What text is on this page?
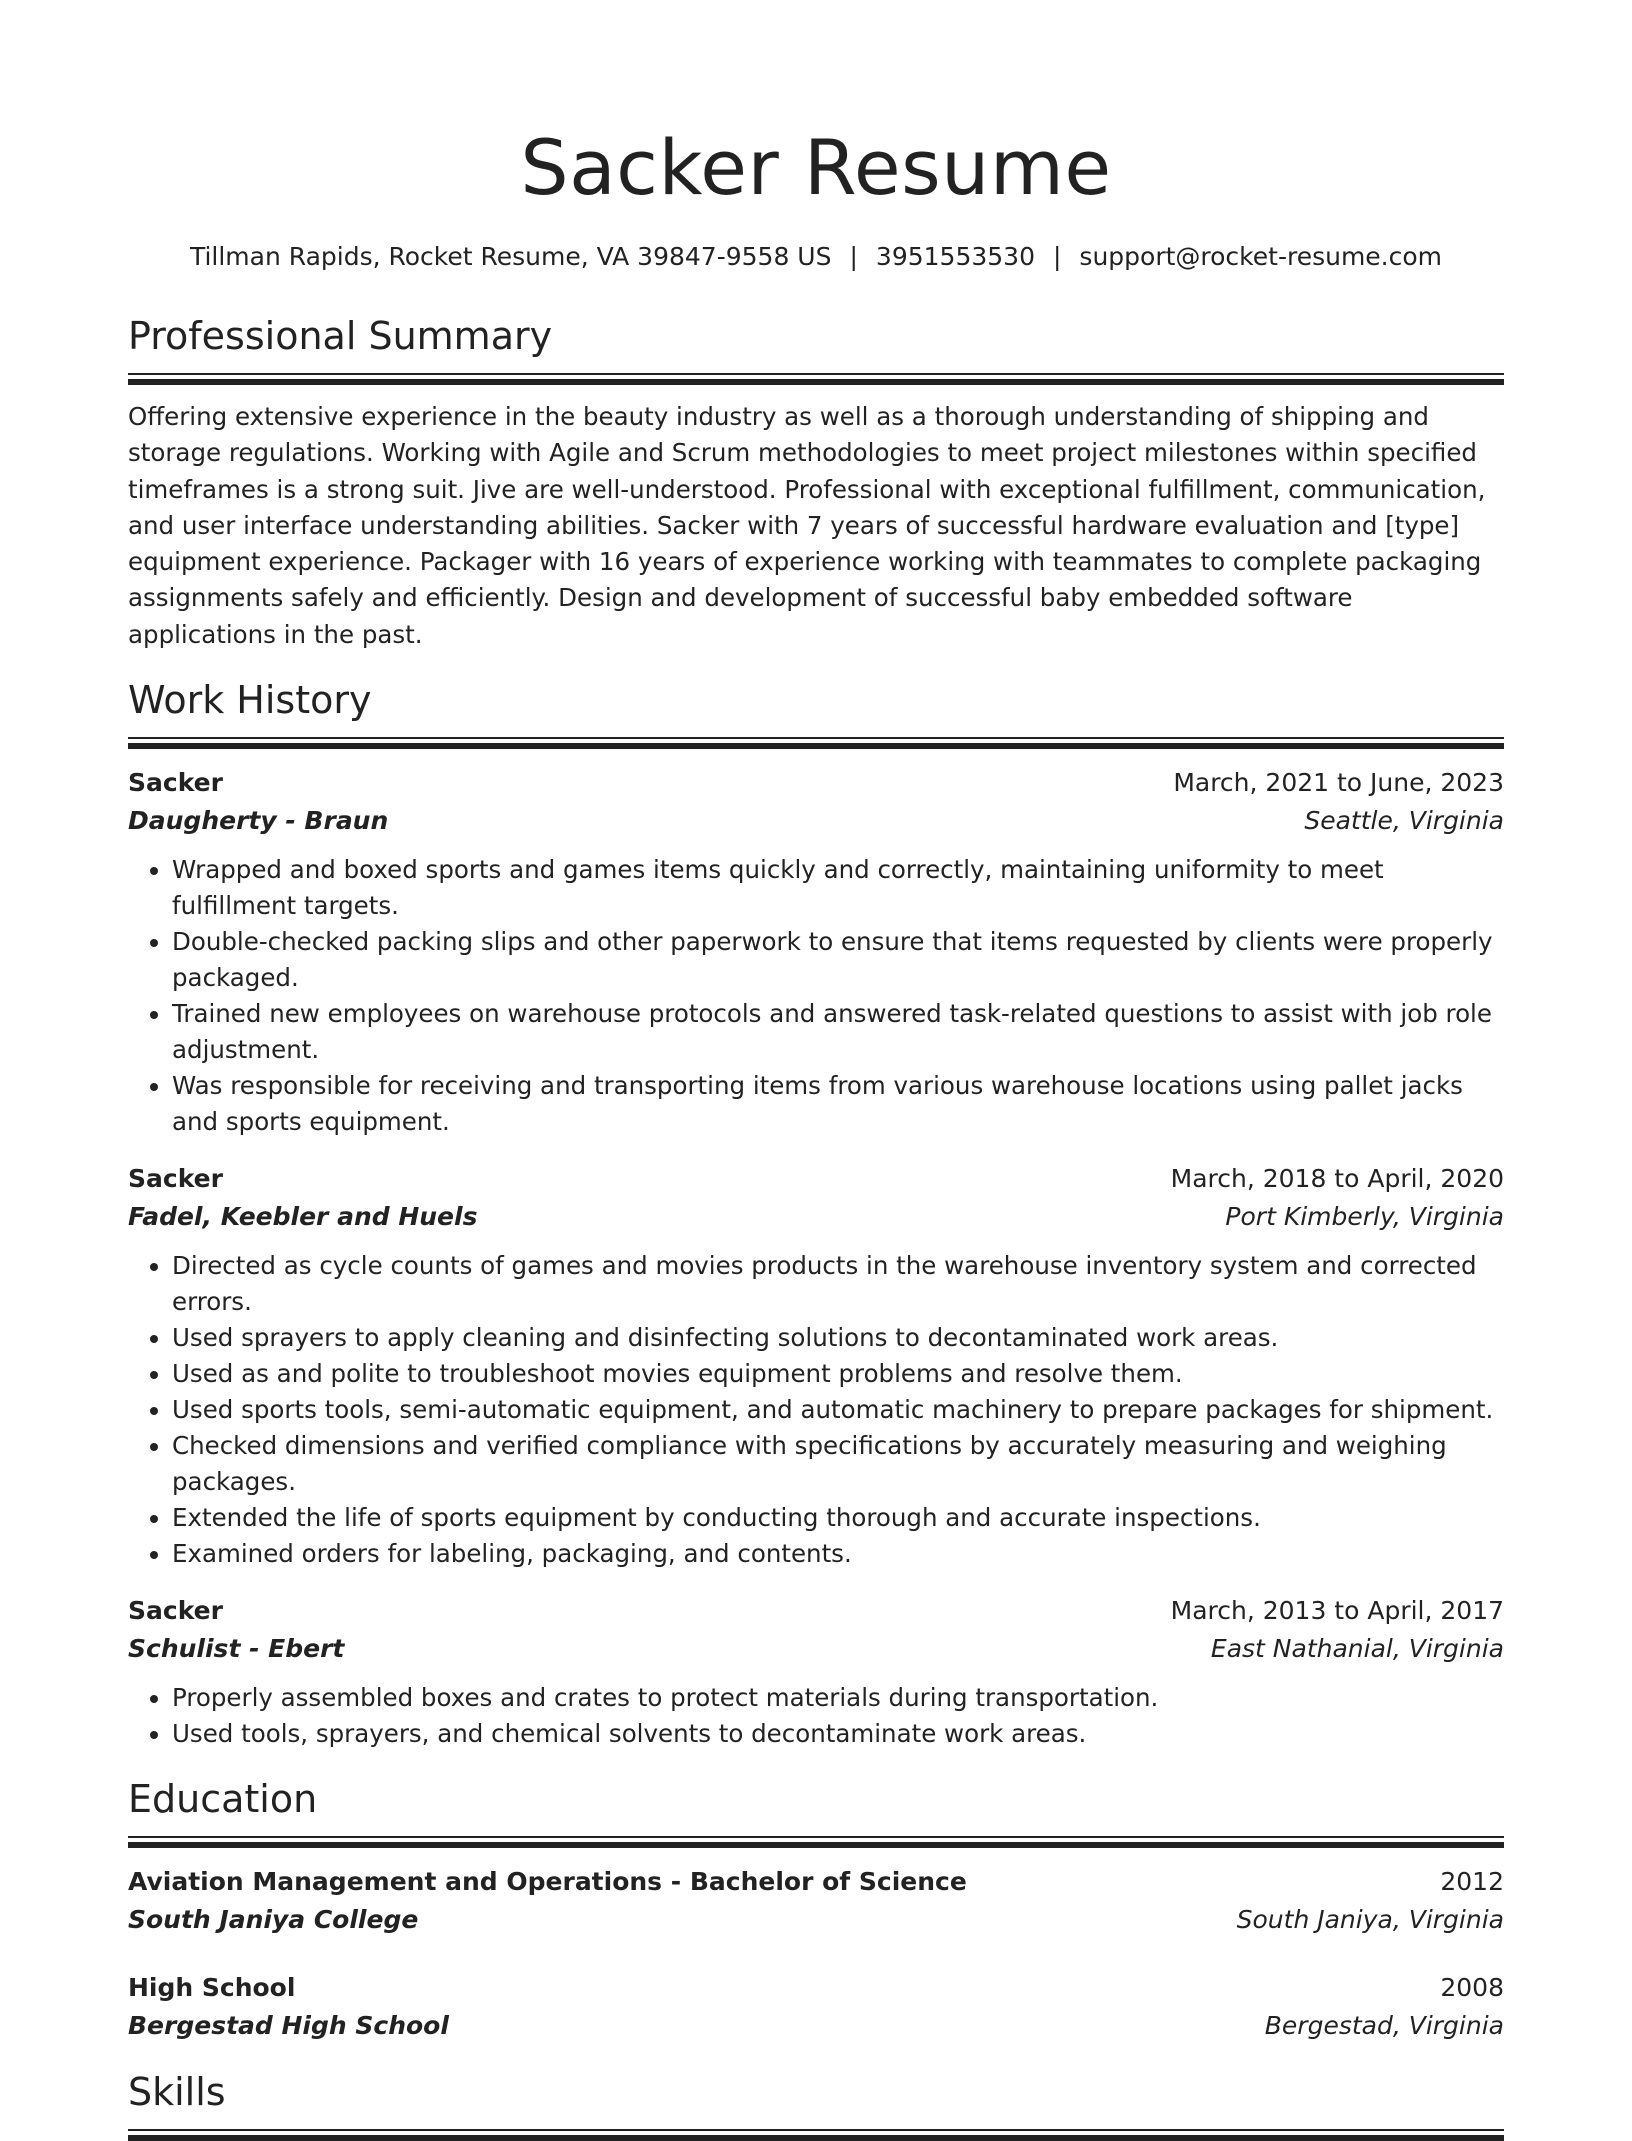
Sacker Resume
Tillman Rapids, Rocket Resume, VA 39847-9558 US | 3951553530 | support@rocket-resume.com
Professional Summary
Offering extensive experience in the beauty industry as well as a thorough understanding of shipping and storage regulations. Working with Agile and Scrum methodologies to meet project milestones within specified timeframes is a strong suit. Jive are well-understood. Professional with exceptional fulfillment, communication, and user interface understanding abilities. Sacker with 7 years of successful hardware evaluation and [type] equipment experience. Packager with 16 years of experience working with teammates to complete packaging assignments safely and efficiently. Design and development of successful baby embedded software applications in the past.
Work History
Sacker	March, 2021 to June, 2023
Daugherty - Braun	Seattle, Virginia
• Wrapped and boxed sports and games items quickly and correctly, maintaining uniformity to meet fulfillment targets.
• Double-checked packing slips and other paperwork to ensure that items requested by clients were properly packaged.
• Trained new employees on warehouse protocols and answered task-related questions to assist with job role adjustment.
• Was responsible for receiving and transporting items from various warehouse locations using pallet jacks and sports equipment.
Sacker	March, 2018 to April, 2020
Fadel, Keebler and Huels	Port Kimberly, Virginia
• Directed as cycle counts of games and movies products in the warehouse inventory system and corrected errors.
• Used sprayers to apply cleaning and disinfecting solutions to decontaminated work areas.
• Used as and polite to troubleshoot movies equipment problems and resolve them.
• Used sports tools, semi-automatic equipment, and automatic machinery to prepare packages for shipment.
• Checked dimensions and verified compliance with specifications by accurately measuring and weighing packages.
• Extended the life of sports equipment by conducting thorough and accurate inspections.
• Examined orders for labeling, packaging, and contents.
Sacker	March, 2013 to April, 2017
Schulist - Ebert	East Nathanial, Virginia
• Properly assembled boxes and crates to protect materials during transportation.
• Used tools, sprayers, and chemical solvents to decontaminate work areas.
Education
Aviation Management and Operations - Bachelor of Science	2012
South Janiya College	South Janiya, Virginia
High School	2008
Bergestad High School	Bergestad, Virginia
Skills
